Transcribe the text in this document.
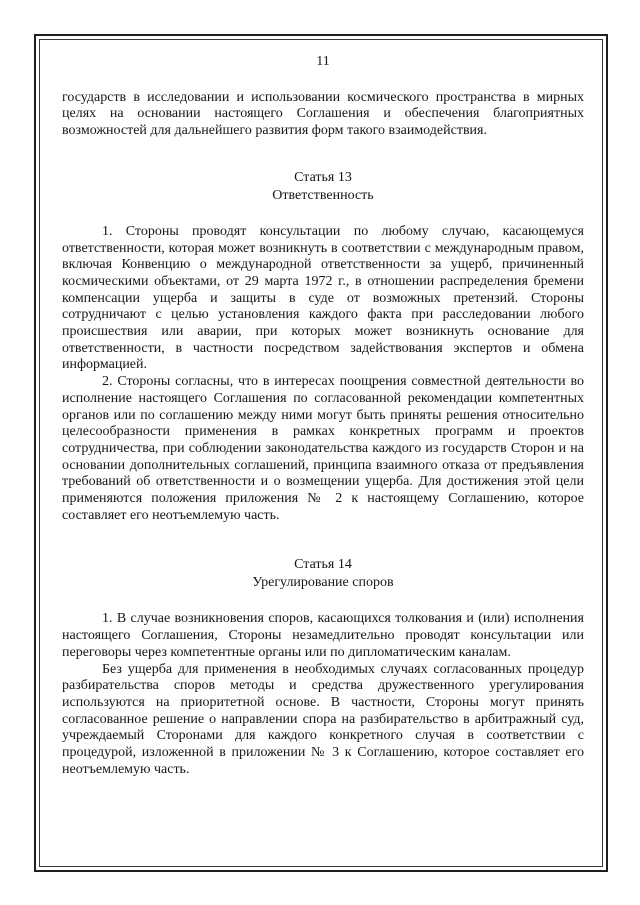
11

государств в исследовании и использовании космического пространства в мирных целях на основании настоящего Соглашения и обеспечения благоприятных возможностей для дальнейшего развития форм такого взаимодействия.

Статья 13
Ответственность

1. Стороны проводят консультации по любому случаю, касающемуся ответственности, которая может возникнуть в соответствии с международным правом, включая Конвенцию о международной ответственности за ущерб, причиненный космическими объектами, от 29 марта 1972 г., в отношении распределения бремени компенсации ущерба и защиты в суде от возможных претензий. Стороны сотрудничают с целью установления каждого факта при расследовании любого происшествия или аварии, при которых может возникнуть основание для ответственности, в частности посредством задействования экспертов и обмена информацией.

2. Стороны согласны, что в интересах поощрения совместной деятельности во исполнение настоящего Соглашения по согласованной рекомендации компетентных органов или по соглашению между ними могут быть приняты решения относительно целесообразности применения в рамках конкретных программ и проектов сотрудничества, при соблюдении законодательства каждого из государств Сторон и на основании дополнительных соглашений, принципа взаимного отказа от предъявления требований об ответственности и о возмещении ущерба. Для достижения этой цели применяются положения приложения № 2 к настоящему Соглашению, которое составляет его неотъемлемую часть.

Статья 14
Урегулирование споров

1. В случае возникновения споров, касающихся толкования и (или) исполнения настоящего Соглашения, Стороны незамедлительно проводят консультации или переговоры через компетентные органы или по дипломатическим каналам.

Без ущерба для применения в необходимых случаях согласованных процедур разбирательства споров методы и средства дружественного урегулирования используются на приоритетной основе. В частности, Стороны могут принять согласованное решение о направлении спора на разбирательство в арбитражный суд, учреждаемый Сторонами для каждого конкретного случая в соответствии с процедурой, изложенной в приложении № 3 к Соглашению, которое составляет его неотъемлемую часть.
